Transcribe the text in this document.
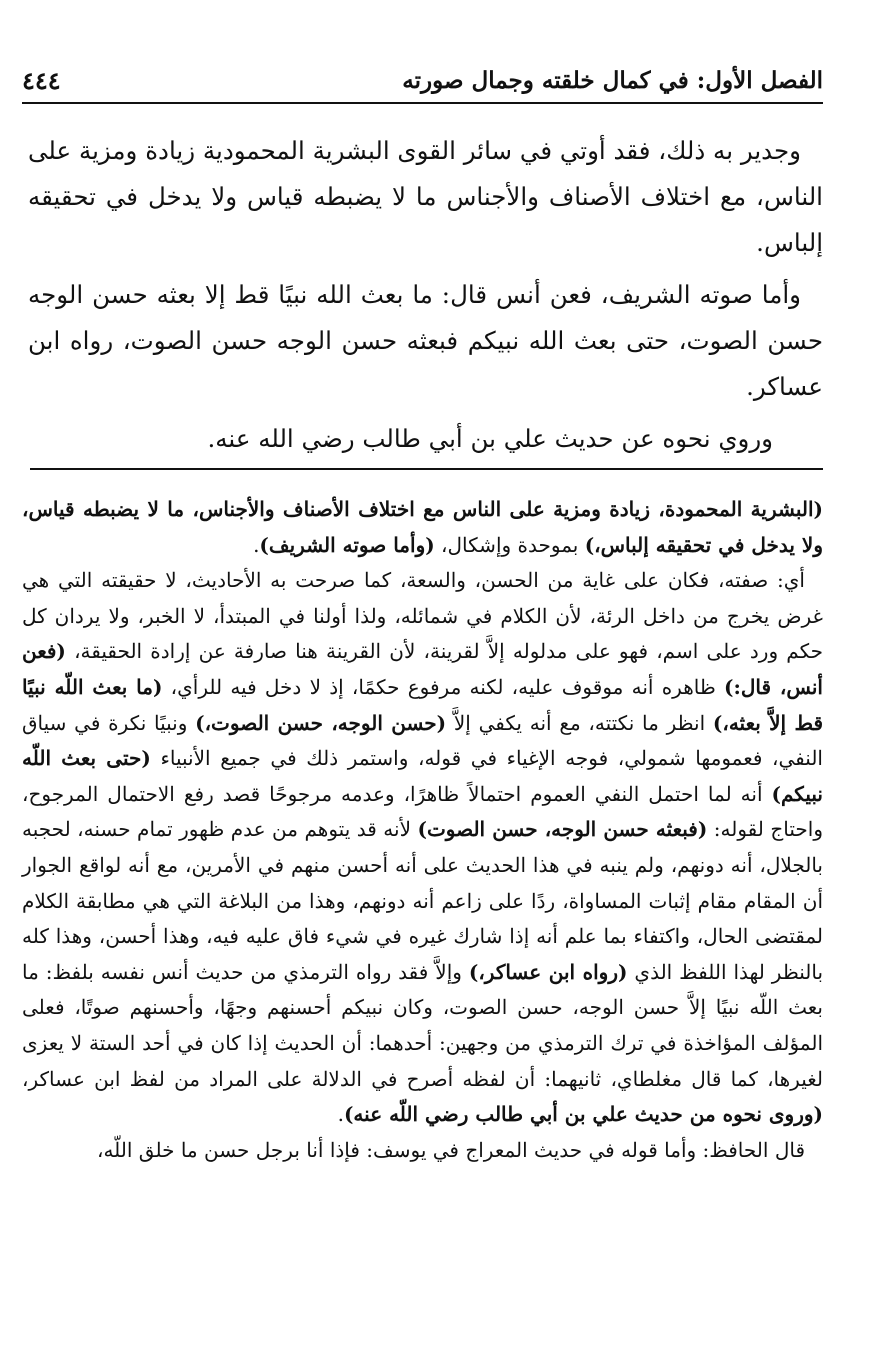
الفصل الأول: في كمال خلقته وجمال صورته
٤٤٤

وجدير به ذلك، فقد أوتي في سائر القوى البشرية المحمودية زيادة ومزية على الناس، مع اختلاف الأصناف والأجناس ما لا يضبطه قياس ولا يدخل في تحقيقه إلباس.

وأما صوته الشريف، فعن أنس قال: ما بعث الله نبيًا قط إلا بعثه حسن الوجه حسن الصوت، حتى بعث الله نبيكم فبعثه حسن الوجه حسن الصوت، رواه ابن عساكر.

وروي نحوه عن حديث علي بن أبي طالب رضي الله عنه.

(البشرية المحمودة، زيادة ومزية على الناس مع اختلاف الأصناف والأجناس، ما لا يضبطه قياس، ولا يدخل في تحقيقه إلباس،) بموحدة وإشكال، (وأما صوته الشريف).

أي: صفته، فكان على غاية من الحسن، والسعة، كما صرحت به الأحاديث، لا حقيقته التي هي غرض يخرج من داخل الرئة، لأن الكلام في شمائله، ولذا أولنا في المبتدأ، لا الخبر، ولا يردان كل حكم ورد على اسم، فهو على مدلوله إلاَّ لقرينة، لأن القرينة هنا صارفة عن إرادة الحقيقة، (فعن أنس، قال:) ظاهره أنه موقوف عليه، لكنه مرفوع حكمًا، إذ لا دخل فيه للرأي، (ما بعث اللّه نبيًا قط إلاَّ بعثه،) انظر ما نكتته، مع أنه يكفي إلاَّ (حسن الوجه، حسن الصوت،) ونبيًا نكرة في سياق النفي، فعمومها شمولي، فوجه الإغياء في قوله، واستمر ذلك في جميع الأنبياء (حتى بعث اللّه نبيكم) أنه لما احتمل النفي العموم احتمالاً ظاهرًا، وعدمه مرجوحًا قصد رفع الاحتمال المرجوح، واحتاج لقوله: (فبعثه حسن الوجه، حسن الصوت) لأنه قد يتوهم من عدم ظهور تمام حسنه، لحجبه بالجلال، أنه دونهم، ولم ينبه في هذا الحديث على أنه أحسن منهم في الأمرين، مع أنه لواقع الجوار أن المقام مقام إثبات المساواة، ردًا على زاعم أنه دونهم، وهذا من البلاغة التي هي مطابقة الكلام لمقتضى الحال، واكتفاء بما علم أنه إذا شارك غيره في شيء فاق عليه فيه، وهذا أحسن، وهذا كله بالنظر لهذا اللفظ الذي (رواه ابن عساكر،) وإلاَّ فقد رواه الترمذي من حديث أنس نفسه بلفظ: ما بعث اللّه نبيًا إلاَّ حسن الوجه، حسن الصوت، وكان نبيكم أحسنهم وجهًا، وأحسنهم صوتًا، فعلى المؤلف المؤاخذة في ترك الترمذي من وجهين: أحدهما: أن الحديث إذا كان في أحد الستة لا يعزى لغيرها، كما قال مغلطاي، ثانيهما: أن لفظه أصرح في الدلالة على المراد من لفظ ابن عساكر، (وروى نحوه من حديث علي بن أبي طالب رضي اللّه عنه).

قال الحافظ: وأما قوله في حديث المعراج في يوسف: فإذا أنا برجل حسن ما خلق اللّه،
